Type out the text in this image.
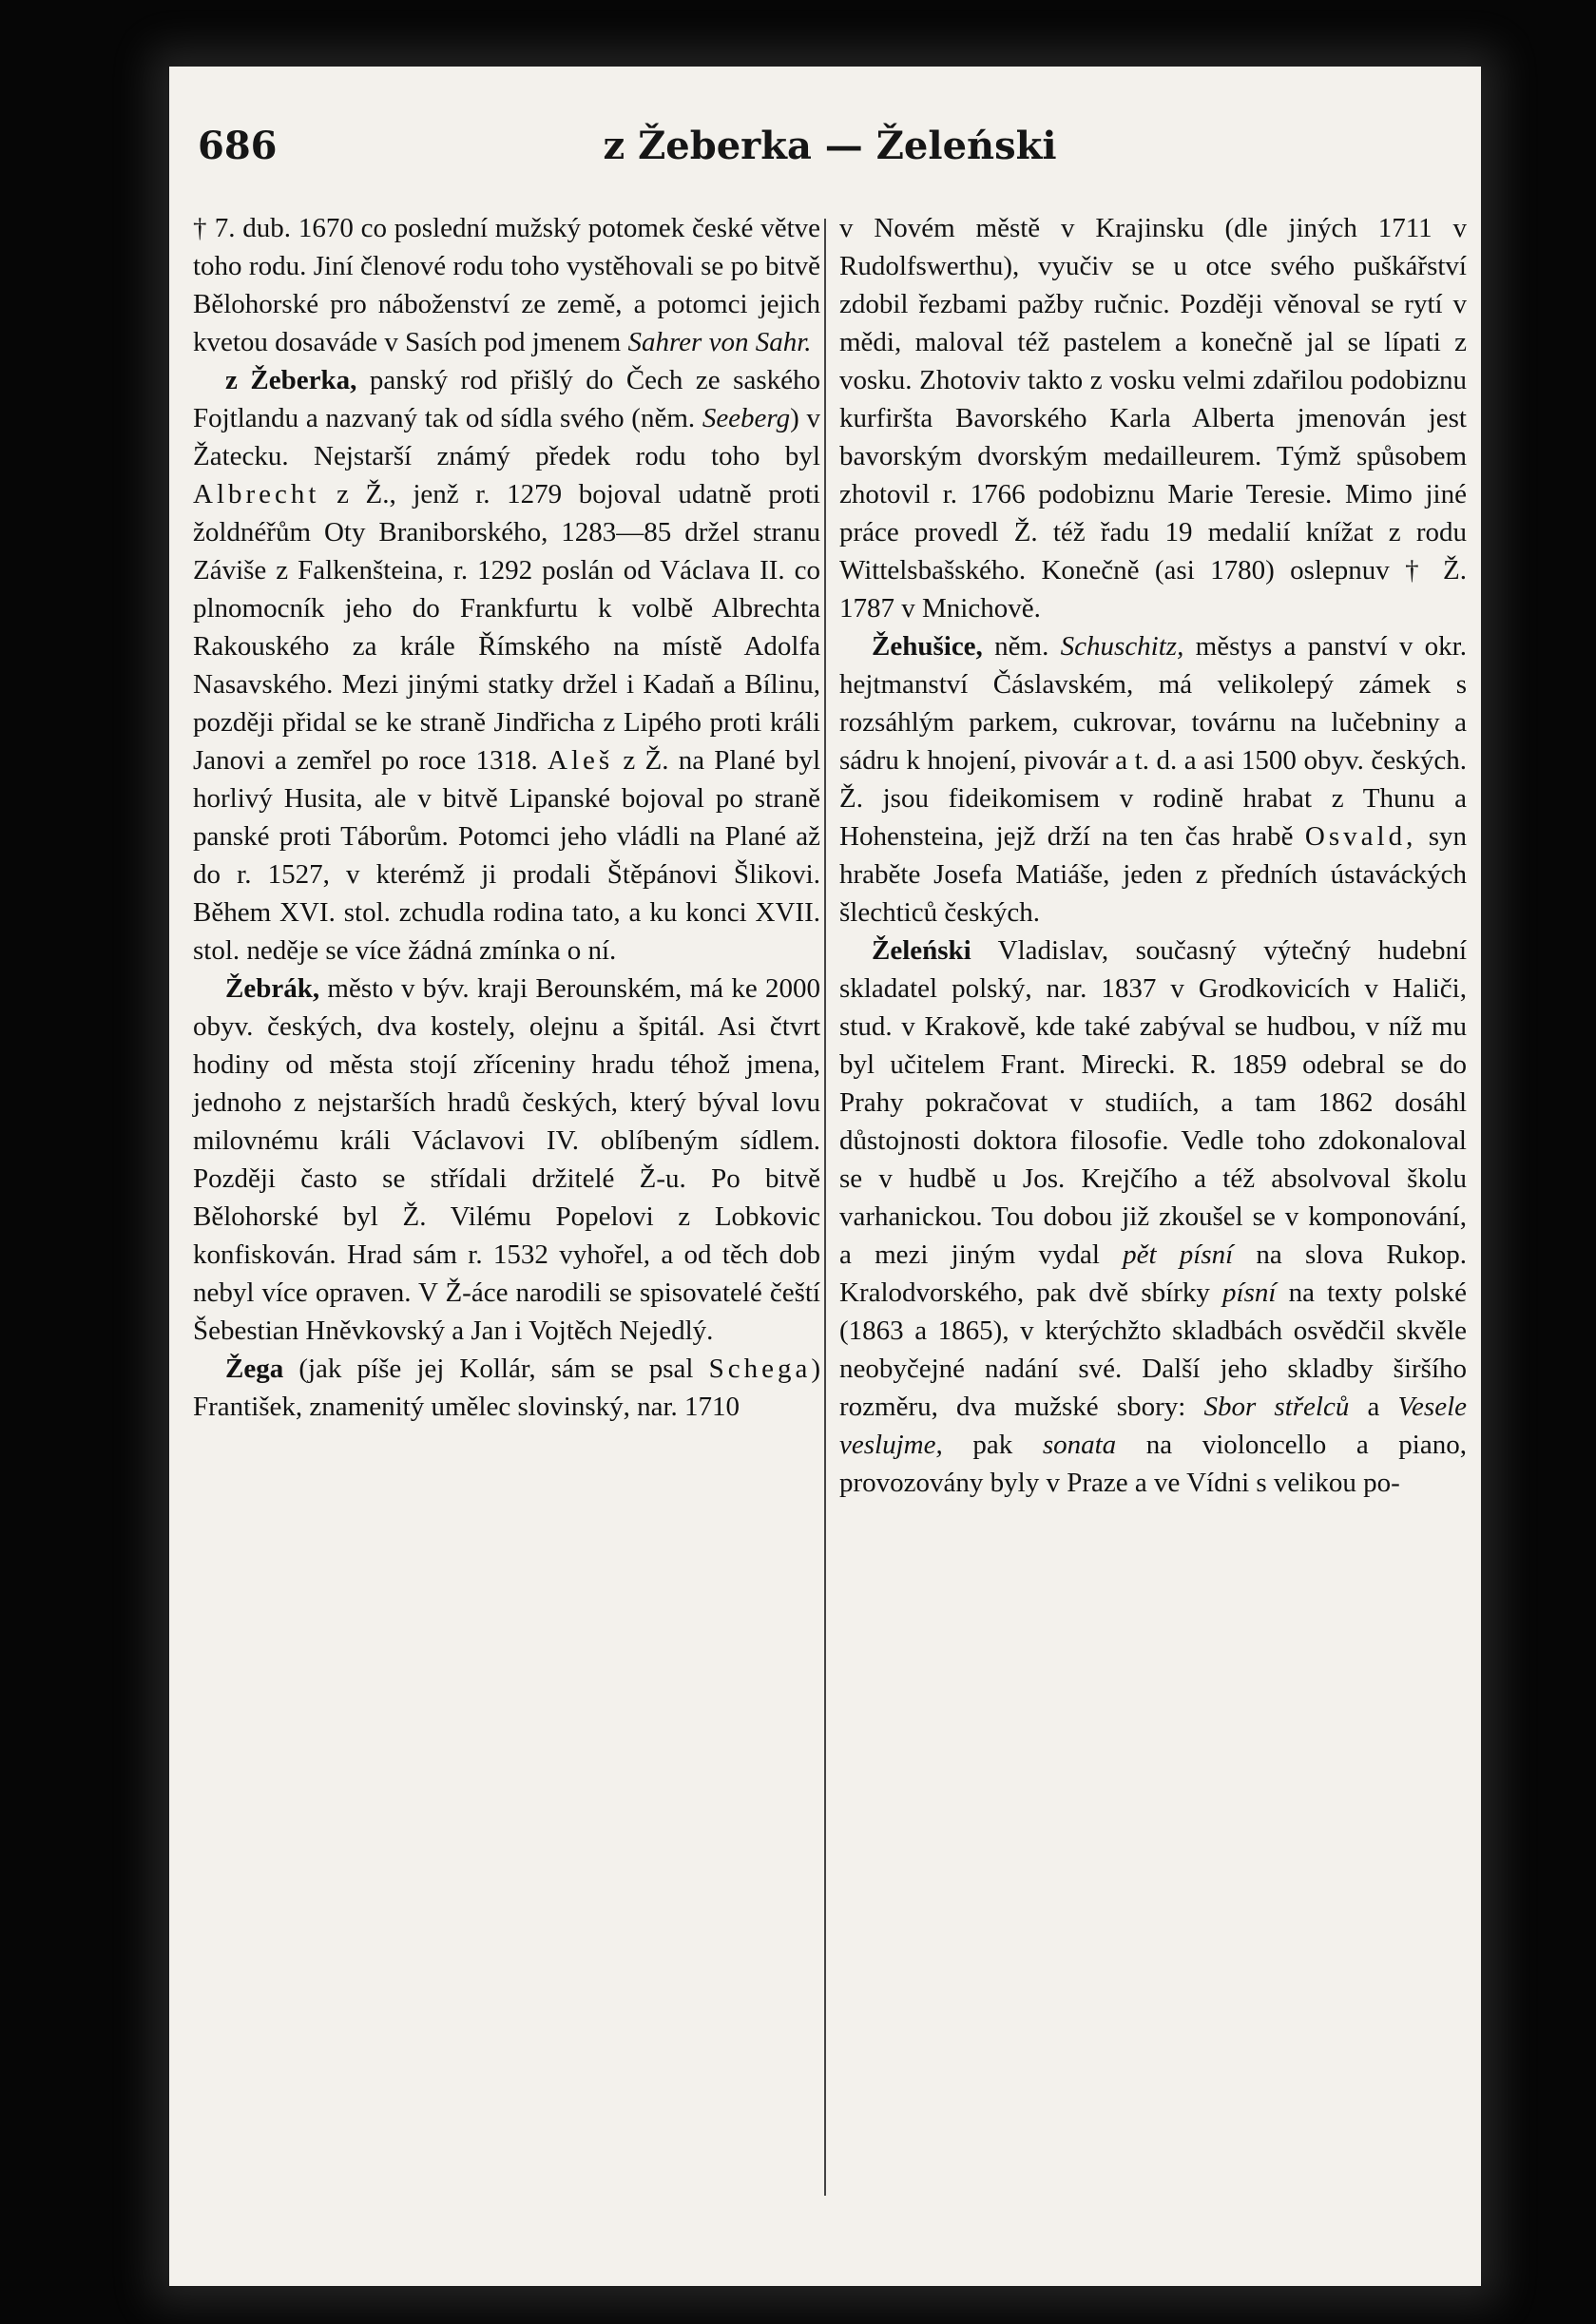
686	z Žeberka — Želeński

† 7. dub. 1670 co poslední mužský potomek české větve toho rodu. Jiní členové rodu toho vystěhovali se po bitvě Bělohorské pro náboženství ze země, a potomci jejich kvetou dosaváde v Sasích pod jmenem Sahrer von Sahr.

z Žeberka, panský rod přišlý do Čech ze saského Fojtlandu a nazvaný tak od sídla svého (něm. Seeberg) v Žatecku. Nejstarší známý předek rodu toho byl Albrecht z Ž., jenž r. 1279 bojoval udatně proti žoldnéřům Oty Braniborského, 1283—85 držel stranu Záviše z Falkenšteina, r. 1292 poslán od Václava II. co plnomocník jeho do Frankfurtu k volbě Albrechta Rakouského za krále Římského na místě Adolfa Nasavského. Mezi jinými statky držel i Kadaň a Bílinu, později přidal se ke straně Jindřicha z Lipého proti králi Janovi a zemřel po roce 1318. Aleš z Ž. na Plané byl horlivý Husita, ale v bitvě Lipanské bojoval po straně panské proti Táborům. Potomci jeho vládli na Plané až do r. 1527, v kterémž ji prodali Štěpánovi Šlikovi. Během XVI. stol. zchudla rodina tato, a ku konci XVII. stol. neděje se více žádná zmínka o ní.

Žebrák, město v býv. kraji Berounském, má ke 2000 obyv. českých, dva kostely, olejnu a špitál. Asi čtvrt hodiny od města stojí zříceniny hradu téhož jmena, jednoho z nejstarších hradů českých, který býval lovu milovnému králi Václavovi IV. oblíbeným sídlem. Později často se střídali držitelé Ž-u. Po bitvě Bělohorské byl Ž. Vilému Popelovi z Lobkovic konfiskován. Hrad sám r. 1532 vyhořel, a od těch dob nebyl více opraven. V Ž-áce narodili se spisovatelé čeští Šebestian Hněvkovský a Jan i Vojtěch Nejedlý.

Žega (jak píše jej Kollár, sám se psal Schega) František, znamenitý umělec slovinský, nar. 1710

v Novém městě v Krajinsku (dle jiných 1711 v Rudolfswerthu), vyučiv se u otce svého puškářství zdobil řezbami pažby ručnic. Později věnoval se rytí v mědi, maloval též pastelem a konečně jal se lípati z vosku. Zhotoviv takto z vosku velmi zdařilou podobiznu kurfiršta Bavorského Karla Alberta jmenován jest bavorským dvorským medailleurem. Týmž spůsobem zhotovil r. 1766 podobiznu Marie Teresie. Mimo jiné práce provedl Ž. též řadu 19 medalií knížat z rodu Wittelsbašského. Konečně (asi 1780) oslepnuv † Ž. 1787 v Mnichově.

Žehušice, něm. Schuschitz, městys a panství v okr. hejtmanství Čáslavském, má velikolepý zámek s rozsáhlým parkem, cukrovar, továrnu na lučebniny a sádru k hnojení, pivovár a t. d. a asi 1500 obyv. českých. Ž. jsou fideikomisem v rodině hrabat z Thunu a Hohensteina, jejž drží na ten čas hrabě Osvald, syn hraběte Josefa Matiáše, jeden z předních ústaváckých šlechticů českých.

Želeński Vladislav, současný výtečný hudební skladatel polský, nar. 1837 v Grodkovicích v Haliči, stud. v Krakově, kde také zabýval se hudbou, v níž mu byl učitelem Frant. Mirecki. R. 1859 odebral se do Prahy pokračovat v studiích, a tam 1862 dosáhl důstojnosti doktora filosofie. Vedle toho zdokonaloval se v hudbě u Jos. Krejčího a též absolvoval školu varhanickou. Tou dobou již zkoušel se v komponování, a mezi jiným vydal pět písní na slova Rukop. Kralodvorského, pak dvě sbírky písní na texty polské (1863 a 1865), v kterýchžto skladbách osvědčil skvěle neobyčejné nadání své. Další jeho skladby širšího rozměru, dva mužské sbory: Sbor střelců a Vesele veslujme, pak sonata na violoncello a piano, provozovány byly v Praze a ve Vídni s velikou po-
